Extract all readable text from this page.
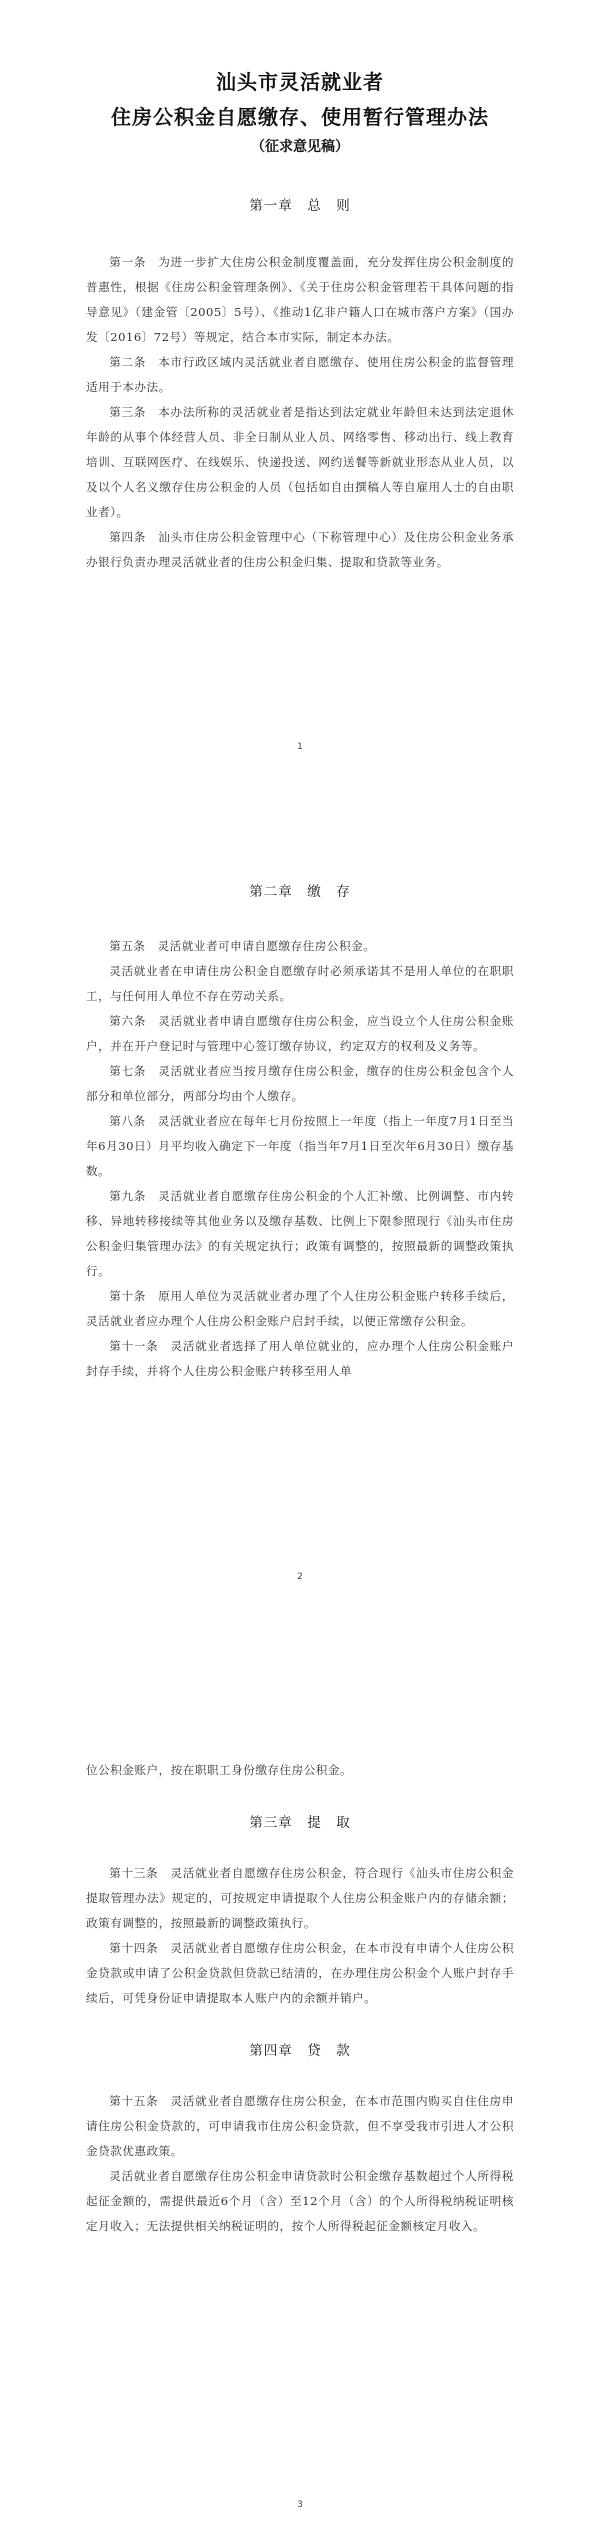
汕头市灵活就业者
住房公积金自愿缴存、使用暂行管理办法
（征求意见稿）
第一章　总　则

第一条　为进一步扩大住房公积金制度覆盖面，充分发挥住房公积金制度的普惠性，根据《住房公积金管理条例》、《关于住房公积金管理若干具体问题的指导意见》（建金管〔2005〕5号）、《推动1亿非户籍人口在城市落户方案》（国办发〔2016〕72号）等规定，结合本市实际，制定本办法。

第二条　本市行政区域内灵活就业者自愿缴存、使用住房公积金的监督管理适用于本办法。

第三条　本办法所称的灵活就业者是指达到法定就业年龄但未达到法定退休年龄的从事个体经营人员、非全日制从业人员、网络零售、移动出行、线上教育培训、互联网医疗、在线娱乐、快递投送、网约送餐等新就业形态从业人员，以及以个人名义缴存住房公积金的人员（包括如自由撰稿人等自雇用人士的自由职业者）。

第四条　汕头市住房公积金管理中心（下称管理中心）及住房公积金业务承办银行负责办理灵活就业者的住房公积金归集、提取和贷款等业务。

1
第二章　缴　存

第五条　灵活就业者可申请自愿缴存住房公积金。

灵活就业者在申请住房公积金自愿缴存时必须承诺其不是用人单位的在职职工，与任何用人单位不存在劳动关系。

第六条　灵活就业者申请自愿缴存住房公积金，应当设立个人住房公积金账户，并在开户登记时与管理中心签订缴存协议，约定双方的权利及义务等。

第七条　灵活就业者应当按月缴存住房公积金，缴存的住房公积金包含个人部分和单位部分，两部分均由个人缴存。

第八条　灵活就业者应在每年七月份按照上一年度（指上一年度7月1日至当年6月30日）月平均收入确定下一年度（指当年7月1日至次年6月30日）缴存基数。

第九条　灵活就业者自愿缴存住房公积金的个人汇补缴、比例调整、市内转移、异地转移接续等其他业务以及缴存基数、比例上下限参照现行《汕头市住房公积金归集管理办法》的有关规定执行；政策有调整的，按照最新的调整政策执行。

第十条　原用人单位为灵活就业者办理了个人住房公积金账户转移手续后，灵活就业者应办理个人住房公积金账户启封手续，以便正常缴存公积金。

第十一条　灵活就业者选择了用人单位就业的，应办理个人住房公积金账户封存手续，并将个人住房公积金账户转移至用人单

2

位公积金账户，按在职职工身份缴存住房公积金。

第三章　提　取

第十三条　灵活就业者自愿缴存住房公积金，符合现行《汕头市住房公积金提取管理办法》规定的，可按规定申请提取个人住房公积金账户内的存储余额；政策有调整的，按照最新的调整政策执行。

第十四条　灵活就业者自愿缴存住房公积金，在本市没有申请个人住房公积金贷款或申请了公积金贷款但贷款已结清的，在办理住房公积金个人账户封存手续后，可凭身份证申请提取本人账户内的余额并销户。

第四章　贷　款

第十五条　灵活就业者自愿缴存住房公积金，在本市范围内购买自住住房申请住房公积金贷款的，可申请我市住房公积金贷款，但不享受我市引进人才公积金贷款优惠政策。

灵活就业者自愿缴存住房公积金申请贷款时公积金缴存基数超过个人所得税起征金额的，需提供最近6个月（含）至12个月（含）的个人所得税纳税证明核定月收入；无法提供相关纳税证明的，按个人所得税起征金额核定月收入。

3
